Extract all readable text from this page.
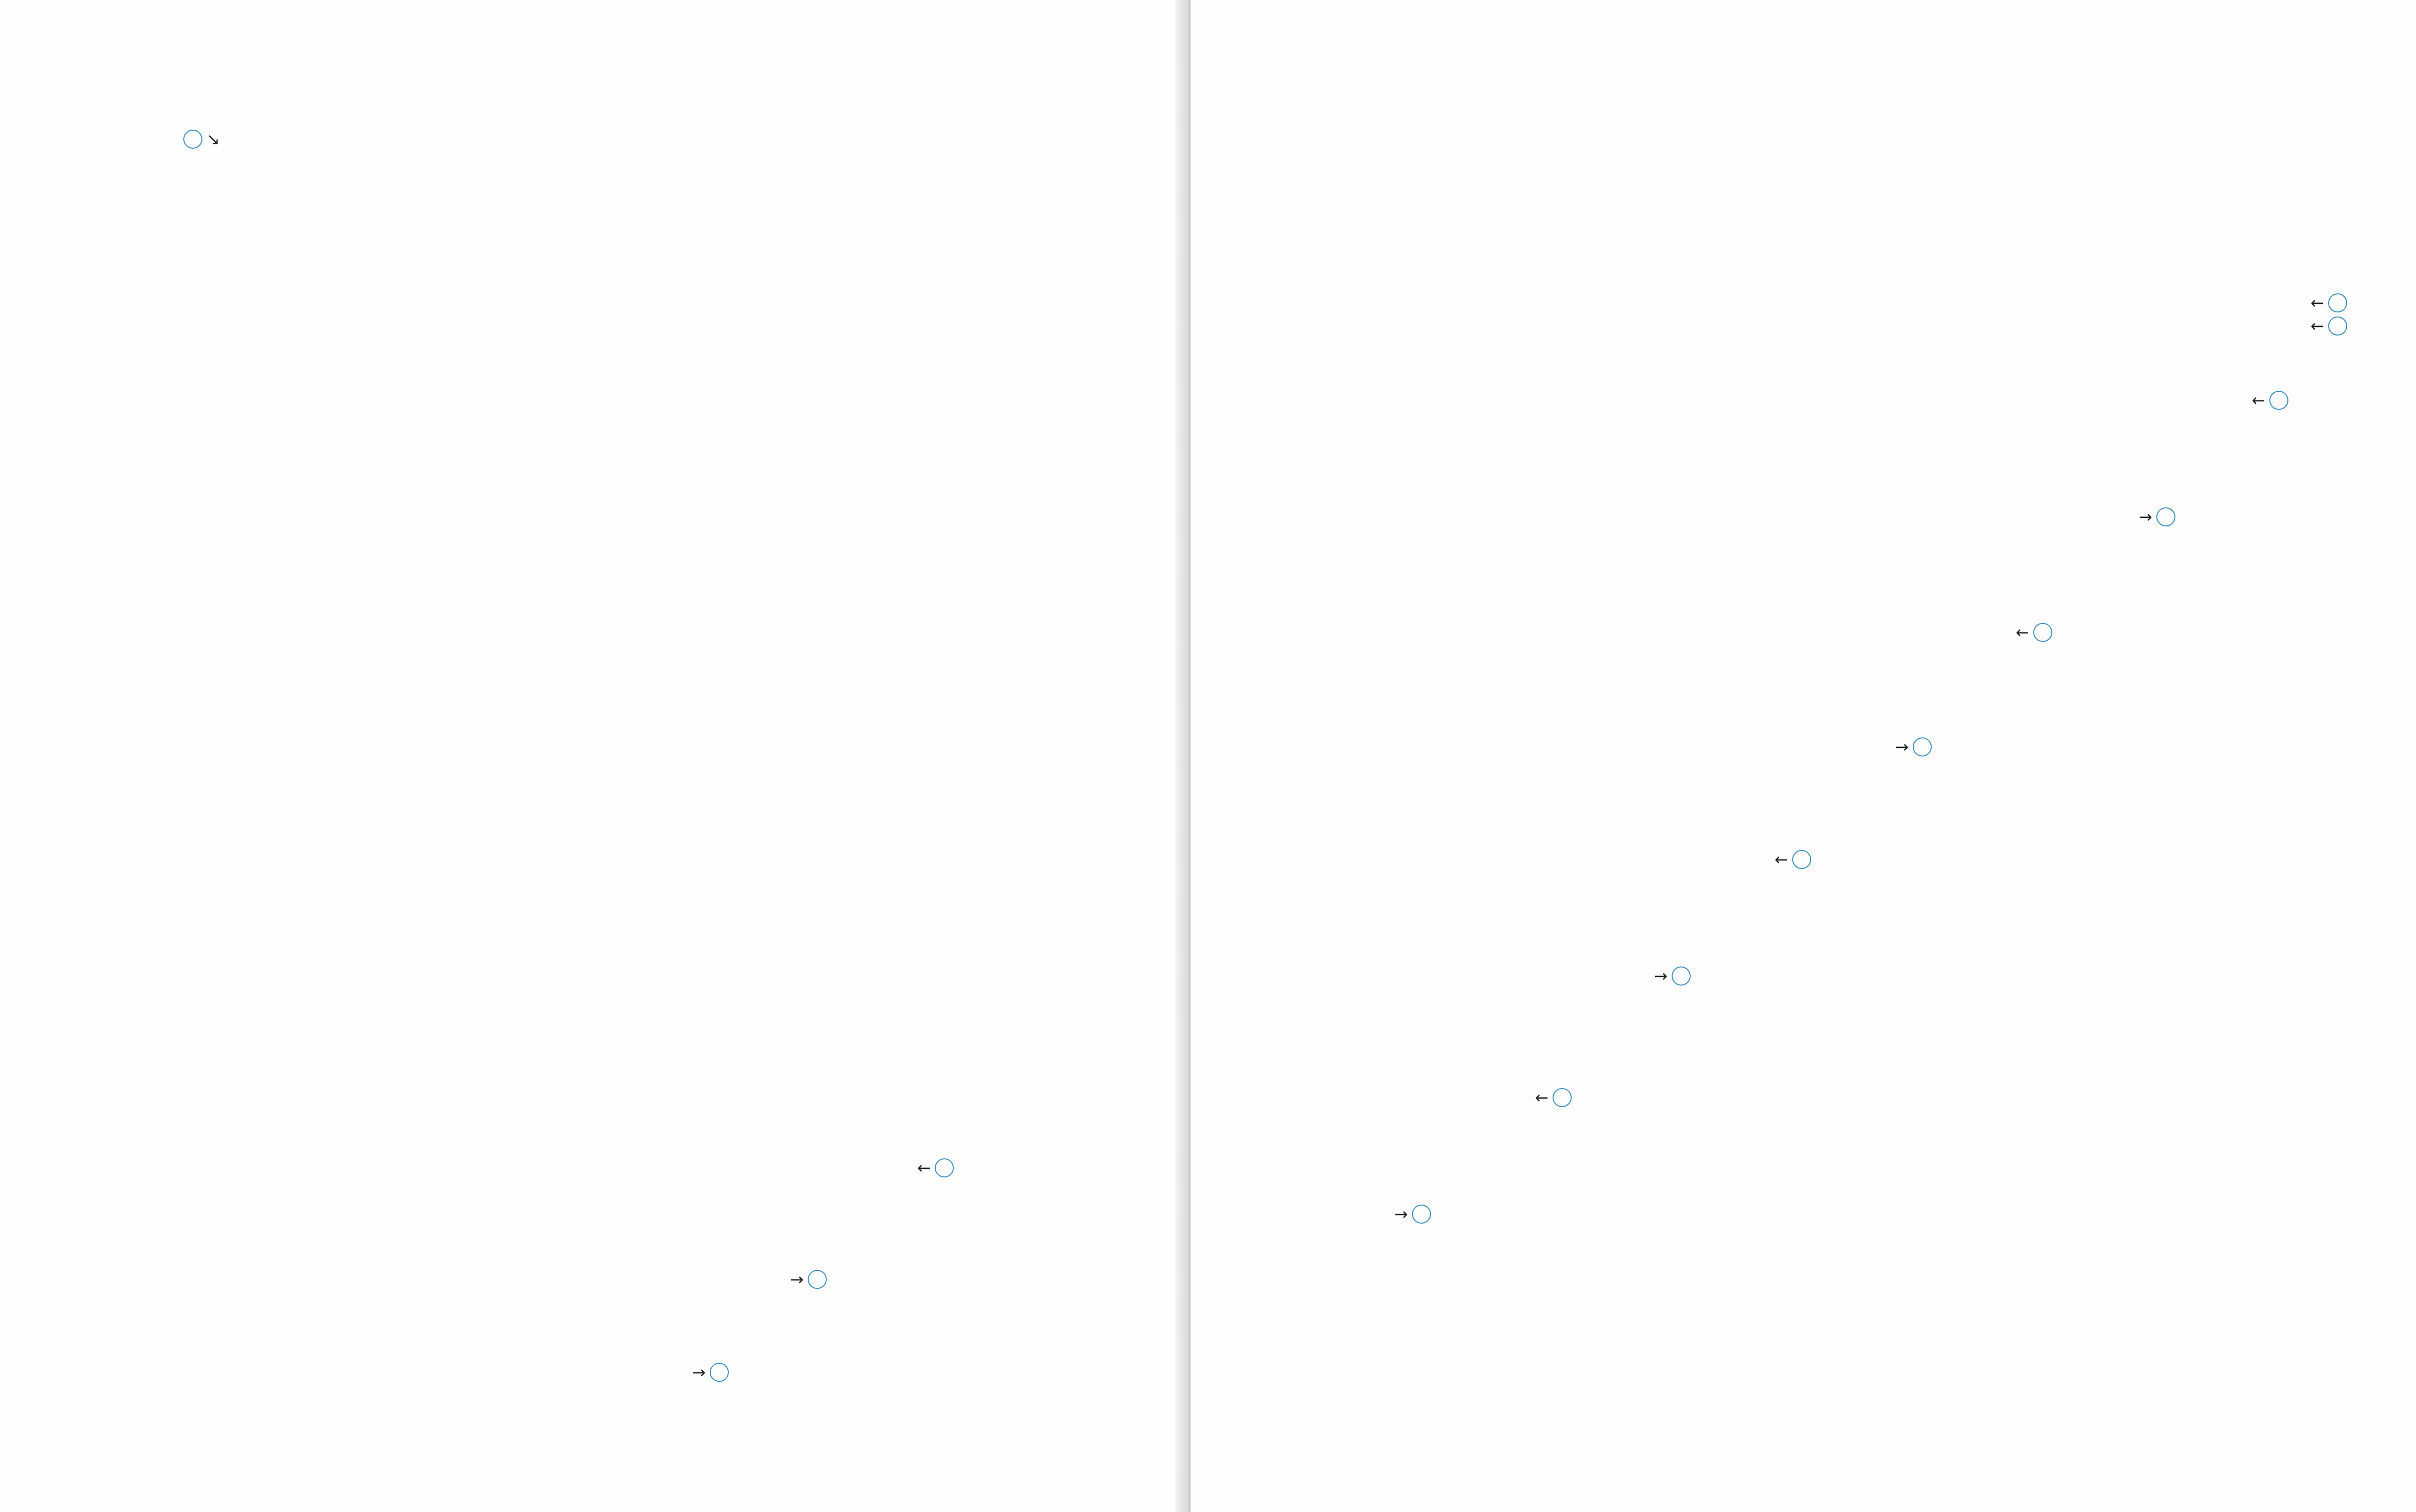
↘
←
→
→
←
←
←
→
←
→
←
→
←
→
